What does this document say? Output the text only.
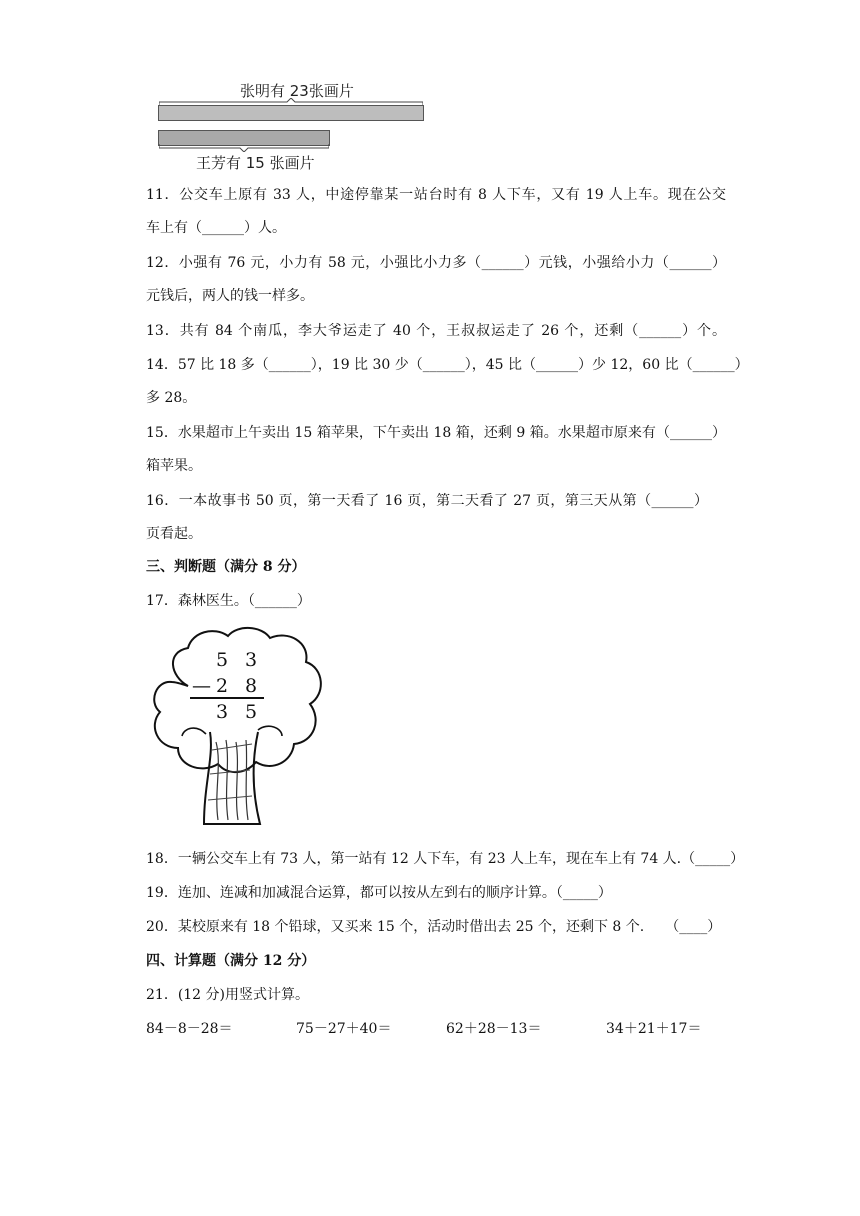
张明有 23张画片
王芳有 15 张画片
11．公交车上原有 33 人，中途停靠某一站台时有 8 人下车，又有 19 人上车。现在公交
车上有（______）人。
12．小强有 76 元，小力有 58 元，小强比小力多（______）元钱，小强给小力（______）
元钱后，两人的钱一样多。
13．共有 84 个南瓜，李大爷运走了 40 个，王叔叔运走了 26 个，还剩（______）个。
14．57 比 18 多（______），19 比 30 少（______），45 比（______）少 12，60 比（______）
多 28。
15．水果超市上午卖出 15 箱苹果，下午卖出 18 箱，还剩 9 箱。水果超市原来有（______）
箱苹果。
16．一本故事书 50 页，第一天看了 16 页，第二天看了 27 页，第三天从第（______）
页看起。
三、判断题（满分 8 分）
17．森林医生。（______）
5 3
— 2 8
3 5
18．一辆公交车上有 73 人，第一站有 12 人下车，有 23 人上车，现在车上有 74 人.（_____）
19．连加、连减和加减混合运算，都可以按从左到右的顺序计算。（_____）
20．某校原来有 18 个铅球，又买来 15 个，活动时借出去 25 个，还剩下 8 个.　　（____）
四、计算题（满分 12 分）
21．(12 分)用竖式计算。
84－8－28＝	75－27＋40＝	62＋28－13＝	34＋21＋17＝
